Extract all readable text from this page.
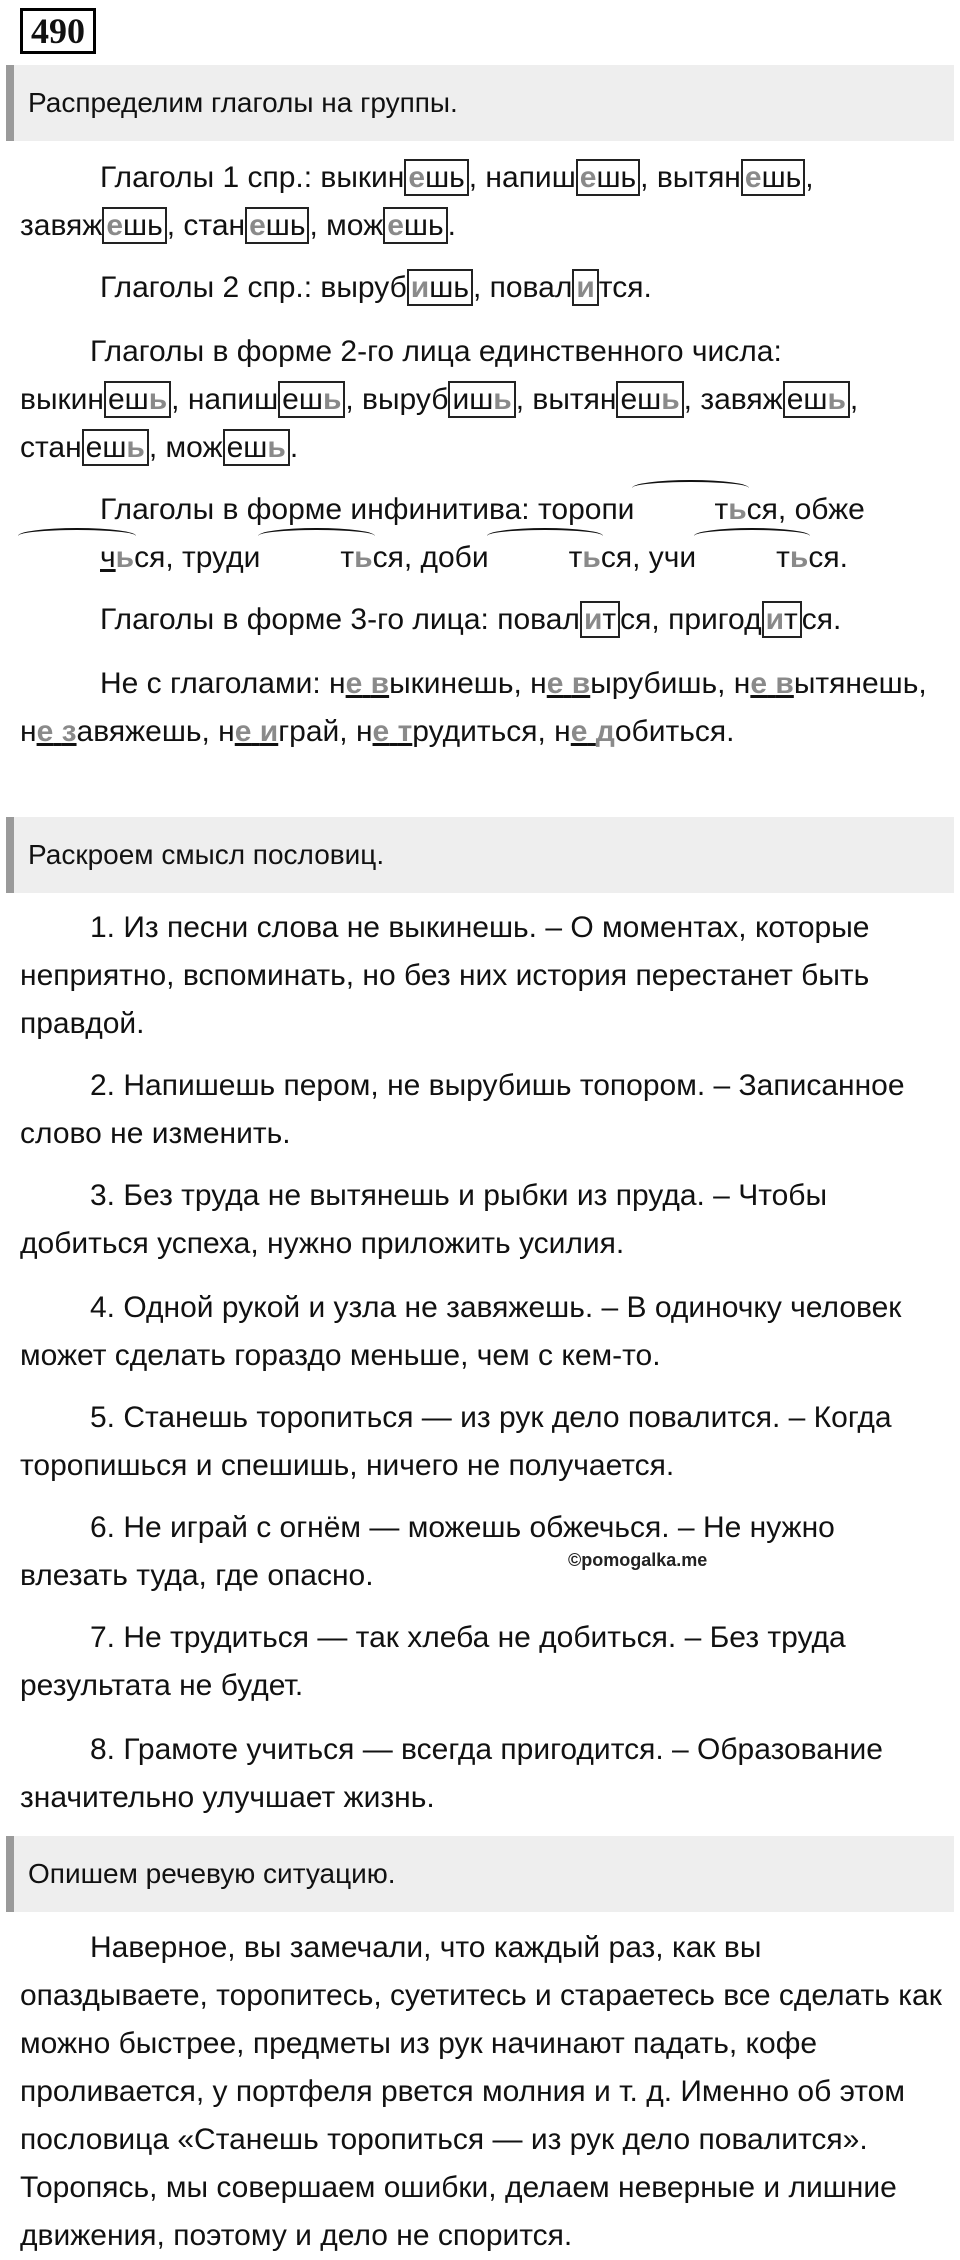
490
Распределим глаголы на группы.

Глаголы 1 спр.: выкин ешь , напиш ешь , вытян ешь , завяж ешь , стан ешь , мож ешь .

Глаголы 2 спр.: выруб ишь , повал и тся.

Глаголы в форме 2-го лица единственного числа: выкин ешь , напиш ешь , выруб ишь , вытян ешь , завяж ешь , стан ешь , мож ешь .

Глаголы в форме инфинитива: торопи	ться, обжечься, труди	ться, доби	ться, учи	ться.

Глаголы в форме 3-го лица: повал ит ся, пригод ит ся.

Не с глаголами: не выкинешь, не вырубишь, не вытянешь, не завяжешь, не играй, не трудиться, не добиться.

Раскроем смысл пословиц.

1. Из песни слова не выкинешь. – О моментах, которые неприятно, вспоминать, но без них история перестанет быть правдой.

2. Напишешь пером, не вырубишь топором. – Записанное слово не изменить.

3. Без труда не вытянешь и рыбки из пруда. – Чтобы добиться успеха, нужно приложить усилия.

4. Одной рукой и узла не завяжешь. – В одиночку человек может сделать гораздо меньше, чем с кем-то.

5. Станешь торопиться — из рук дело повалится. – Когда торопишься и спешишь, ничего не получается.

6. Не играй с огнём — можешь обжечься. – Не нужно влезать туда, где опасно.	©pomogalka.me

7. Не трудиться — так хлеба не добиться. – Без труда результата не будет.

8. Грамоте учиться — всегда пригодится. – Образование значительно улучшает жизнь.

Опишем речевую ситуацию.

Наверное, вы замечали, что каждый раз, как вы опаздываете, торопитесь, суетитесь и стараетесь все сделать как можно быстрее, предметы из рук начинают падать, кофе проливается, у портфеля рвется молния и т. д. Именно об этом пословица «Станешь торопиться — из рук дело повалится». Торопясь, мы совершаем ошибки, делаем неверные и лишние движения, поэтому и дело не спорится.
